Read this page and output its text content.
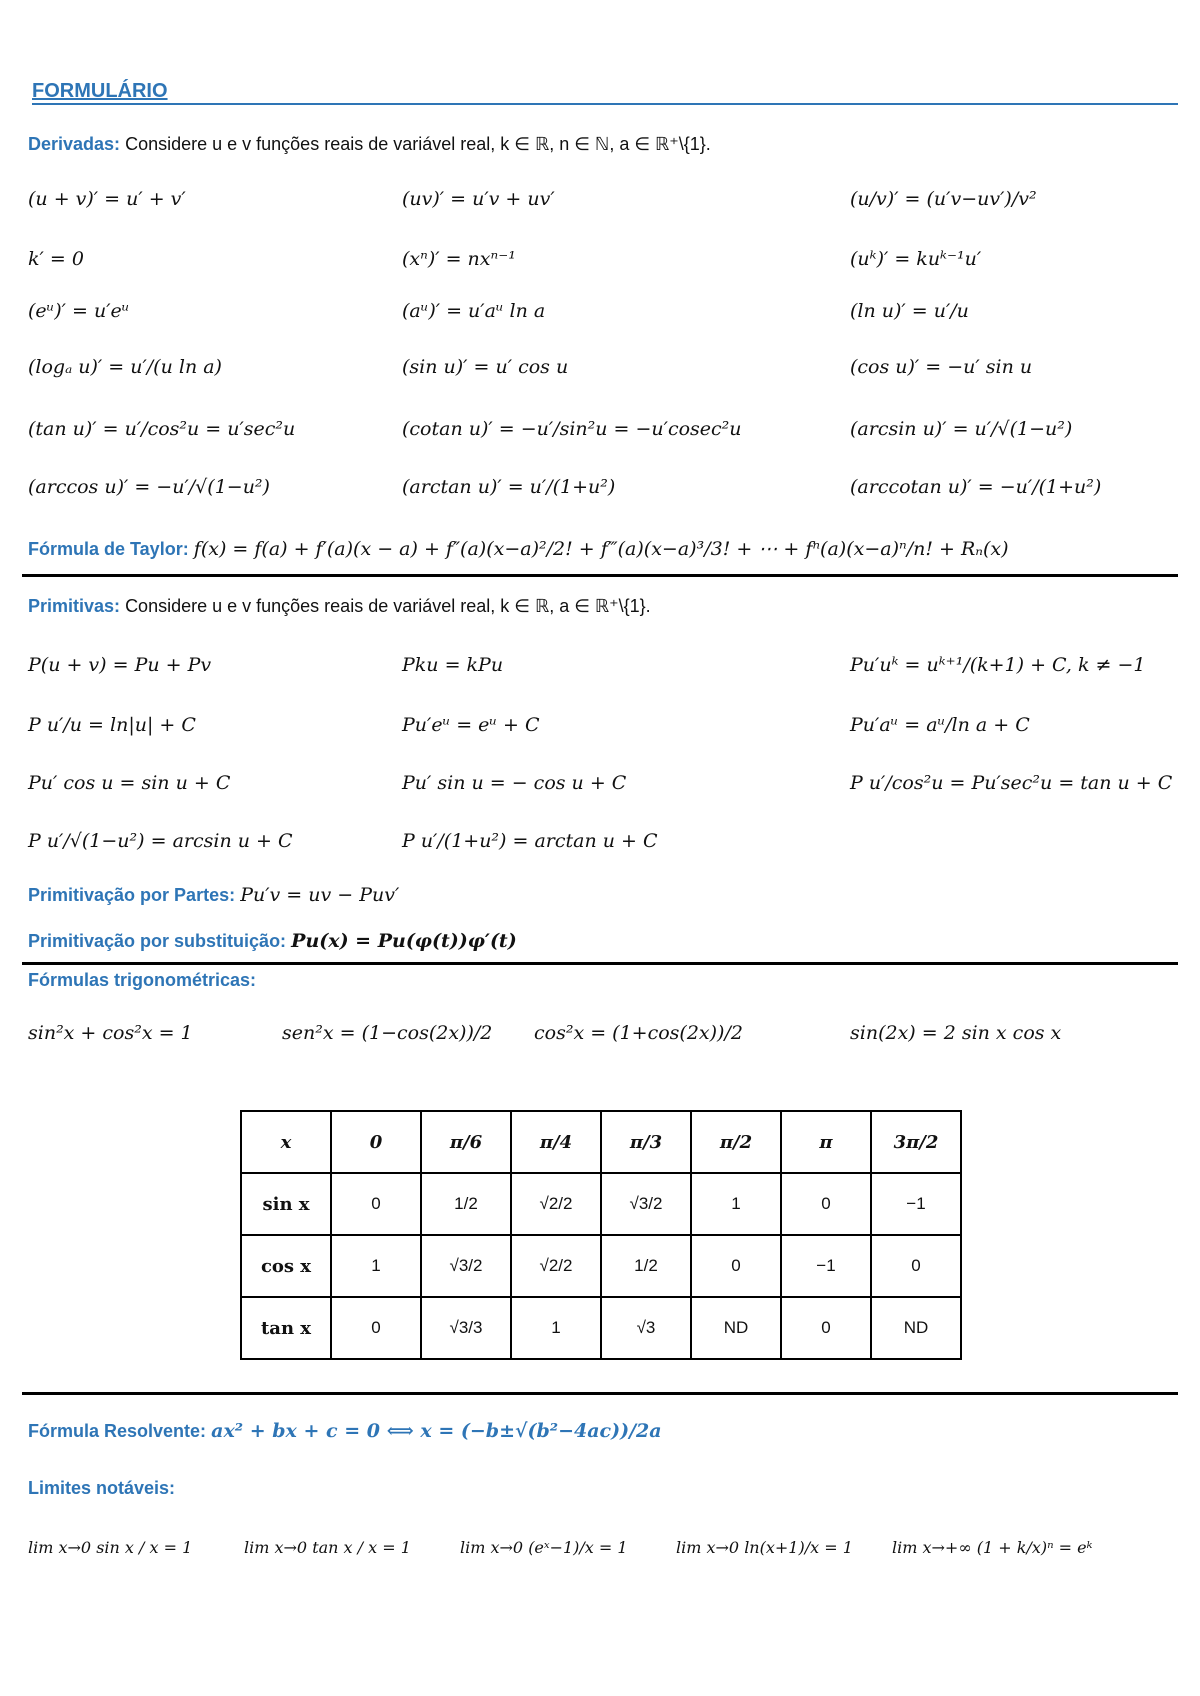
FORMULÁRIO
Derivadas: Considere u e v funções reais de variável real, k ∈ ℝ, n ∈ ℕ, a ∈ ℝ⁺\{1}.
(u + v)′ = u′ + v′	(uv)′ = u′v + uv′	(u/v)′ = (u′v−uv′)/v²
k′ = 0	(xⁿ)′ = nxⁿ⁻¹	(uᵏ)′ = kuᵏ⁻¹u′
(eᵘ)′ = u′eᵘ	(aᵘ)′ = u′aᵘ ln a	(ln u)′ = u′/u
(logₐ u)′ = u′/(u ln a)	(sin u)′ = u′ cos u	(cos u)′ = −u′ sin u
(tan u)′ = u′/cos²u = u′sec²u	(cotan u)′ = −u′/sin²u = −u′cosec²u	(arcsin u)′ = u′/√(1−u²)
(arccos u)′ = −u′/√(1−u²)	(arctan u)′ = u′/(1+u²)	(arccotan u)′ = −u′/(1+u²)
Fórmula de Taylor: f(x) = f(a) + f′(a)(x − a) + f″(a)(x−a)²/2! + f‴(a)(x−a)³/3! + ⋯ + fⁿ(a)(x−a)ⁿ/n! + Rₙ(x)
Primitivas: Considere u e v funções reais de variável real, k ∈ ℝ, a ∈ ℝ⁺\{1}.
P(u + v) = Pu + Pv	Pku = kPu	Pu′uᵏ = uᵏ⁺¹/(k+1) + C, k ≠ −1
P u′/u = ln|u| + C	Pu′eᵘ = eᵘ + C	Pu′aᵘ = aᵘ/ln a + C
Pu′ cos u = sin u + C	Pu′ sin u = − cos u + C	P u′/cos²u = Pu′sec²u = tan u + C
P u′/√(1−u²) = arcsin u + C	P u′/(1+u²) = arctan u + C
Primitivação por Partes: Pu′v = uv − Puv′
Primitivação por substituição: Pu(x) = Pu(φ(t))φ′(t)
Fórmulas trigonométricas:
sin²x + cos²x = 1	sen²x = (1−cos(2x))/2 cos²x = (1+cos(2x))/2	sin(2x) = 2 sin x cos x
x	0	π/6	π/4	π/3	π/2	π	3π/2
sin x	0	1/2	√2/2	√3/2	1	0	−1
cos x	1	√3/2	√2/2	1/2	0	−1	0
tan x	0	√3/3	1	√3	ND	0	ND
Fórmula Resolvente: ax² + bx + c = 0 ⟺ x = (−b±√(b²−4ac))/2a
Limites notáveis:
lim x→0 sin x / x = 1	lim x→0 tan x / x = 1	lim x→0 (eˣ−1)/x = 1	lim x→0 ln(x+1)/x = 1 lim x→+∞ (1 + k/x)ⁿ = eᵏ
